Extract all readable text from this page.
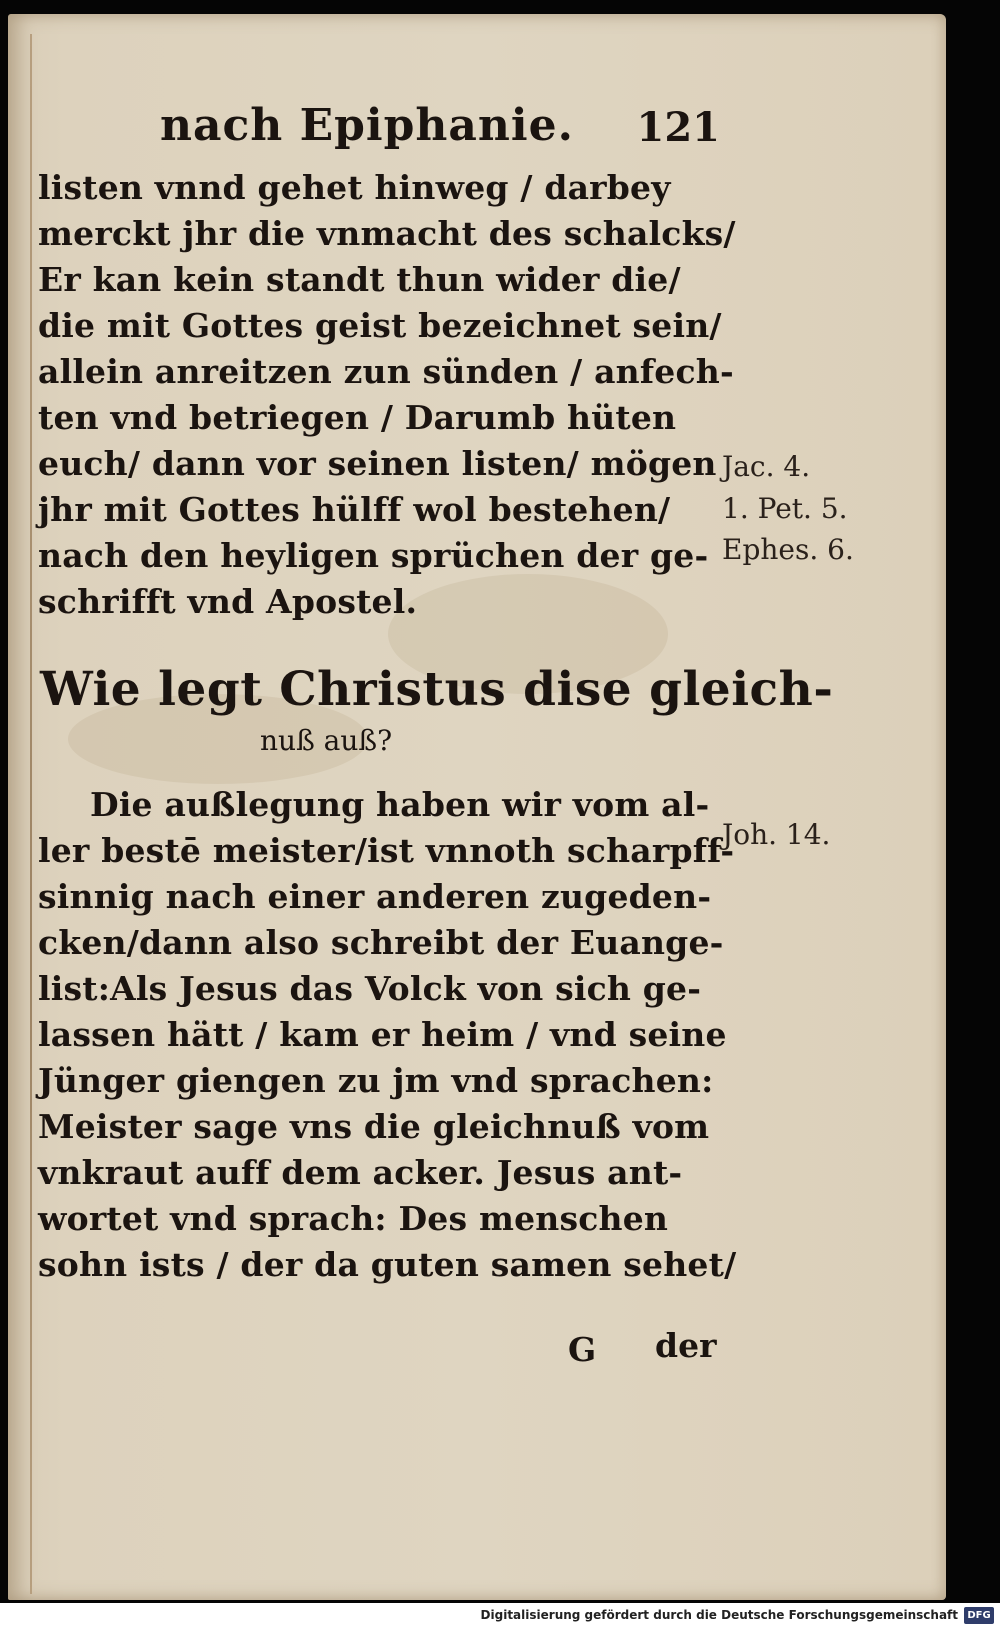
nach Epiphanie. 121
listen vnnd gehet hinweg / darbey
merckt jhr die vnmacht des schalcks/
Er kan kein standt thun wider die/
die mit Gottes geist bezeichnet sein/
allein anreitzen zun sünden / anfech-
ten vnd betriegen / Darumb hüten
euch/ dann vor seinen listen/ mögen
jhr mit Gottes hülff wol bestehen/
nach den heyligen sprüchen der ge-
schrifft vnd Apostel.
Wie legt Christus dise gleich-
nuß auß?
Die außlegung haben wir vom al-
ler bestē meister/ist vnnoth scharpff-
sinnig nach einer anderen zugeden-
cken/dann also schreibt der Euange-
list:Als Jesus das Volck von sich ge-
lassen hätt / kam er heim / vnd seine
Jünger giengen zu jm vnd sprachen:
Meister sage vns die gleichnuß vom
vnkraut auff dem acker. Jesus ant-
wortet vnd sprach: Des menschen
sohn ists / der da guten samen sehet/
G der
Jac. 4.
1. Pet. 5.
Ephes. 6.
Joh. 14.
Digitalisierung gefördert durch die Deutsche Forschungsgemeinschaft DFG
